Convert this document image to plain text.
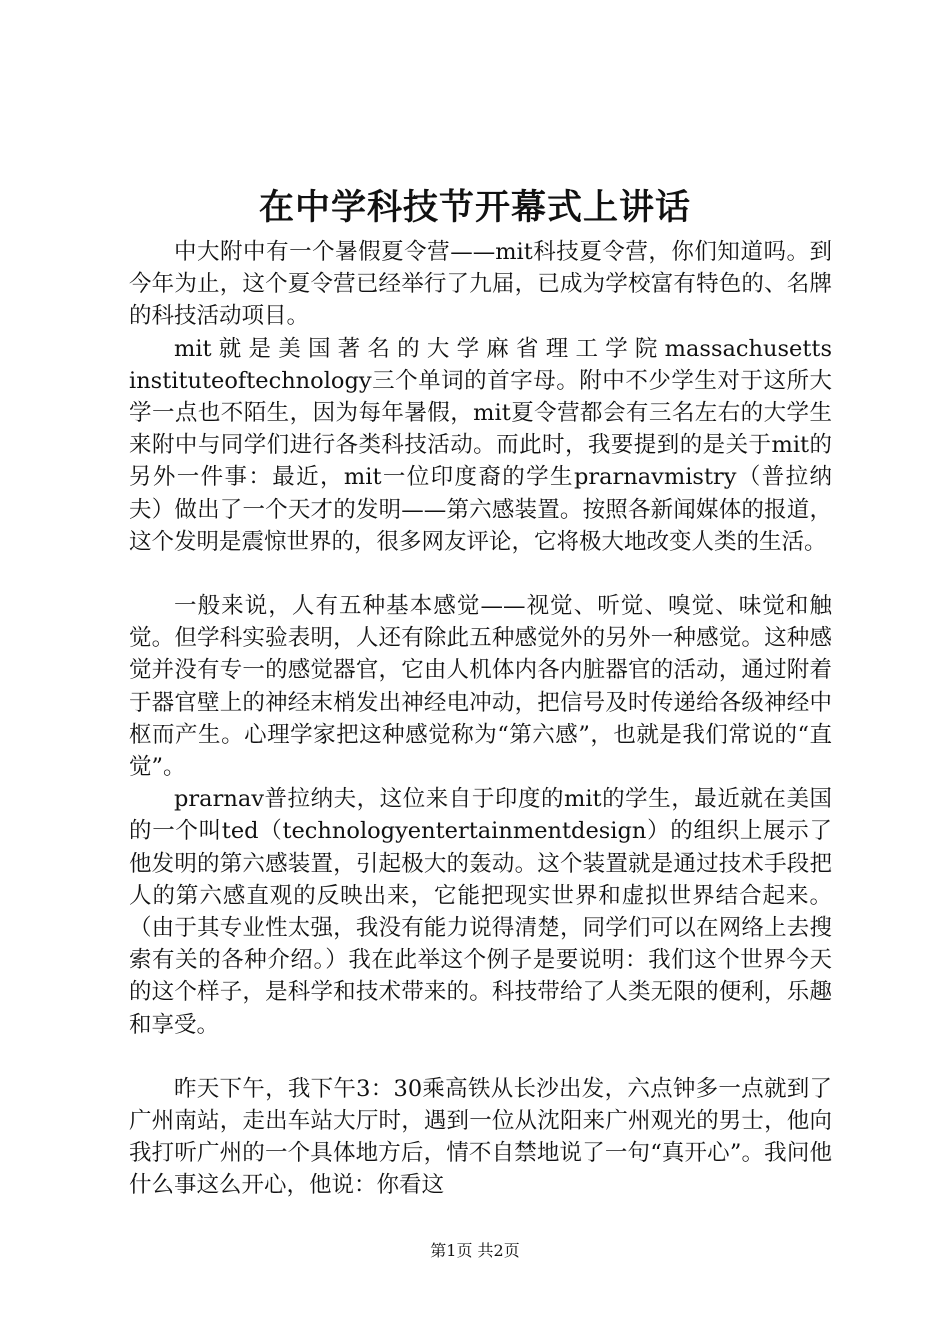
在中学科技节开幕式上讲话

中大附中有一个暑假夏令营——mit科技夏令营，你们知道吗。到今年为止，这个夏令营已经举行了九届，已成为学校富有特色的、名牌的科技活动项目。

mit 就 是 美 国 著 名 的 大 学 麻 省 理 工 学 院 massachusettsinstituteoftechnology三个单词的首字母。附中不少学生对于这所大学一点也不陌生，因为每年暑假，mit夏令营都会有三名左右的大学生来附中与同学们进行各类科技活动。而此时，我要提到的是关于mit的另外一件事：最近，mit一位印度裔的学生prarnavmistry（普拉纳夫）做出了一个天才的发明——第六感装置。按照各新闻媒体的报道，这个发明是震惊世界的，很多网友评论，它将极大地改变人类的生活。

一般来说，人有五种基本感觉——视觉、听觉、嗅觉、味觉和触觉。但学科实验表明，人还有除此五种感觉外的另外一种感觉。这种感觉并没有专一的感觉器官，它由人机体内各内脏器官的活动，通过附着于器官壁上的神经末梢发出神经电冲动，把信号及时传递给各级神经中枢而产生。心理学家把这种感觉称为“第六感”，也就是我们常说的“直觉”。

prarnav普拉纳夫，这位来自于印度的mit的学生，最近就在美国的一个叫ted（technologyentertainmentdesign）的组织上展示了他发明的第六感装置，引起极大的轰动。这个装置就是通过技术手段把人的第六感直观的反映出来，它能把现实世界和虚拟世界结合起来。（由于其专业性太强，我没有能力说得清楚，同学们可以在网络上去搜索有关的各种介绍。）我在此举这个例子是要说明：我们这个世界今天的这个样子，是科学和技术带来的。科技带给了人类无限的便利，乐趣和享受。

昨天下午，我下午3：30乘高铁从长沙出发，六点钟多一点就到了广州南站，走出车站大厅时，遇到一位从沈阳来广州观光的男士，他向我打听广州的一个具体地方后，情不自禁地说了一句“真开心”。我问他什么事这么开心，他说：你看这

第1页 共2页
